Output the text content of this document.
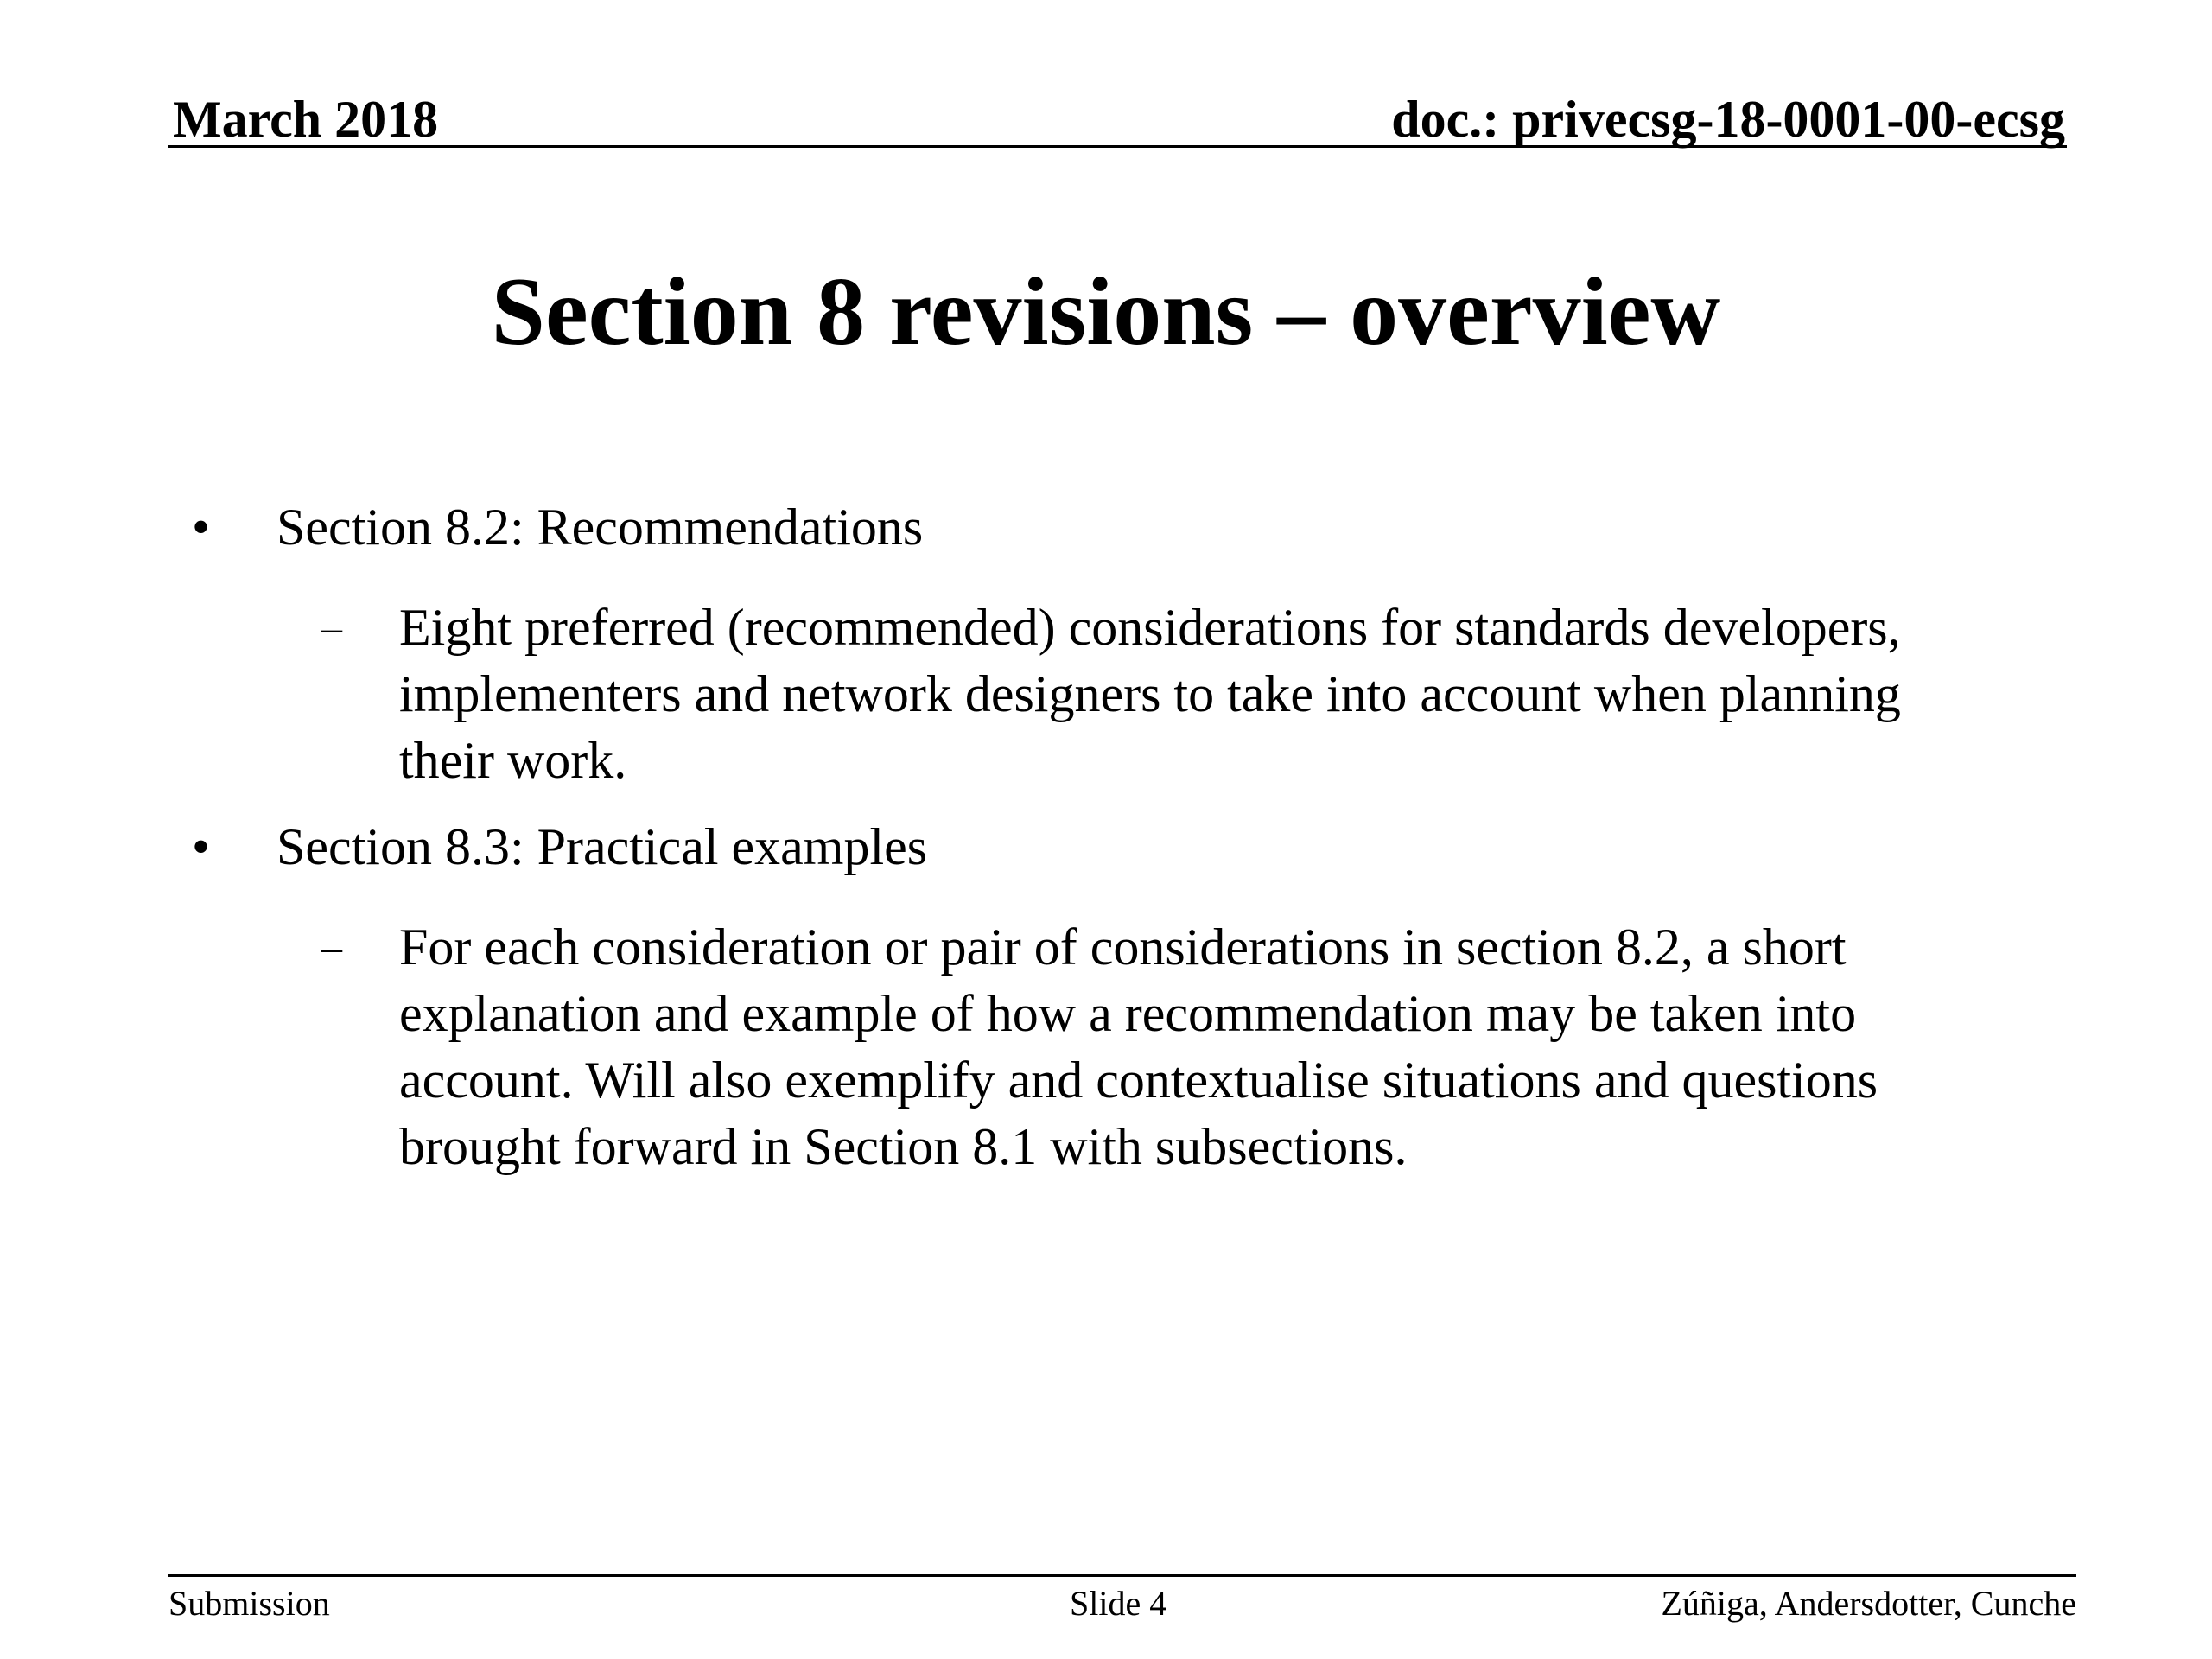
March 2018	doc.: privecsg-18-0001-00-ecsg
Section 8 revisions – overview
• Section 8.2: Recommendations
– Eight preferred (recommended) considerations for standards developers,
implementers and network designers to take into account when planning
their work.
• Section 8.3: Practical examples
– For each consideration or pair of considerations in section 8.2, a short
explanation and example of how a recommendation may be taken into
account. Will also exemplify and contextualise situations and questions
brought forward in Section 8.1 with subsections.
Submission	Slide 4	Zúñiga, Andersdotter, Cunche
